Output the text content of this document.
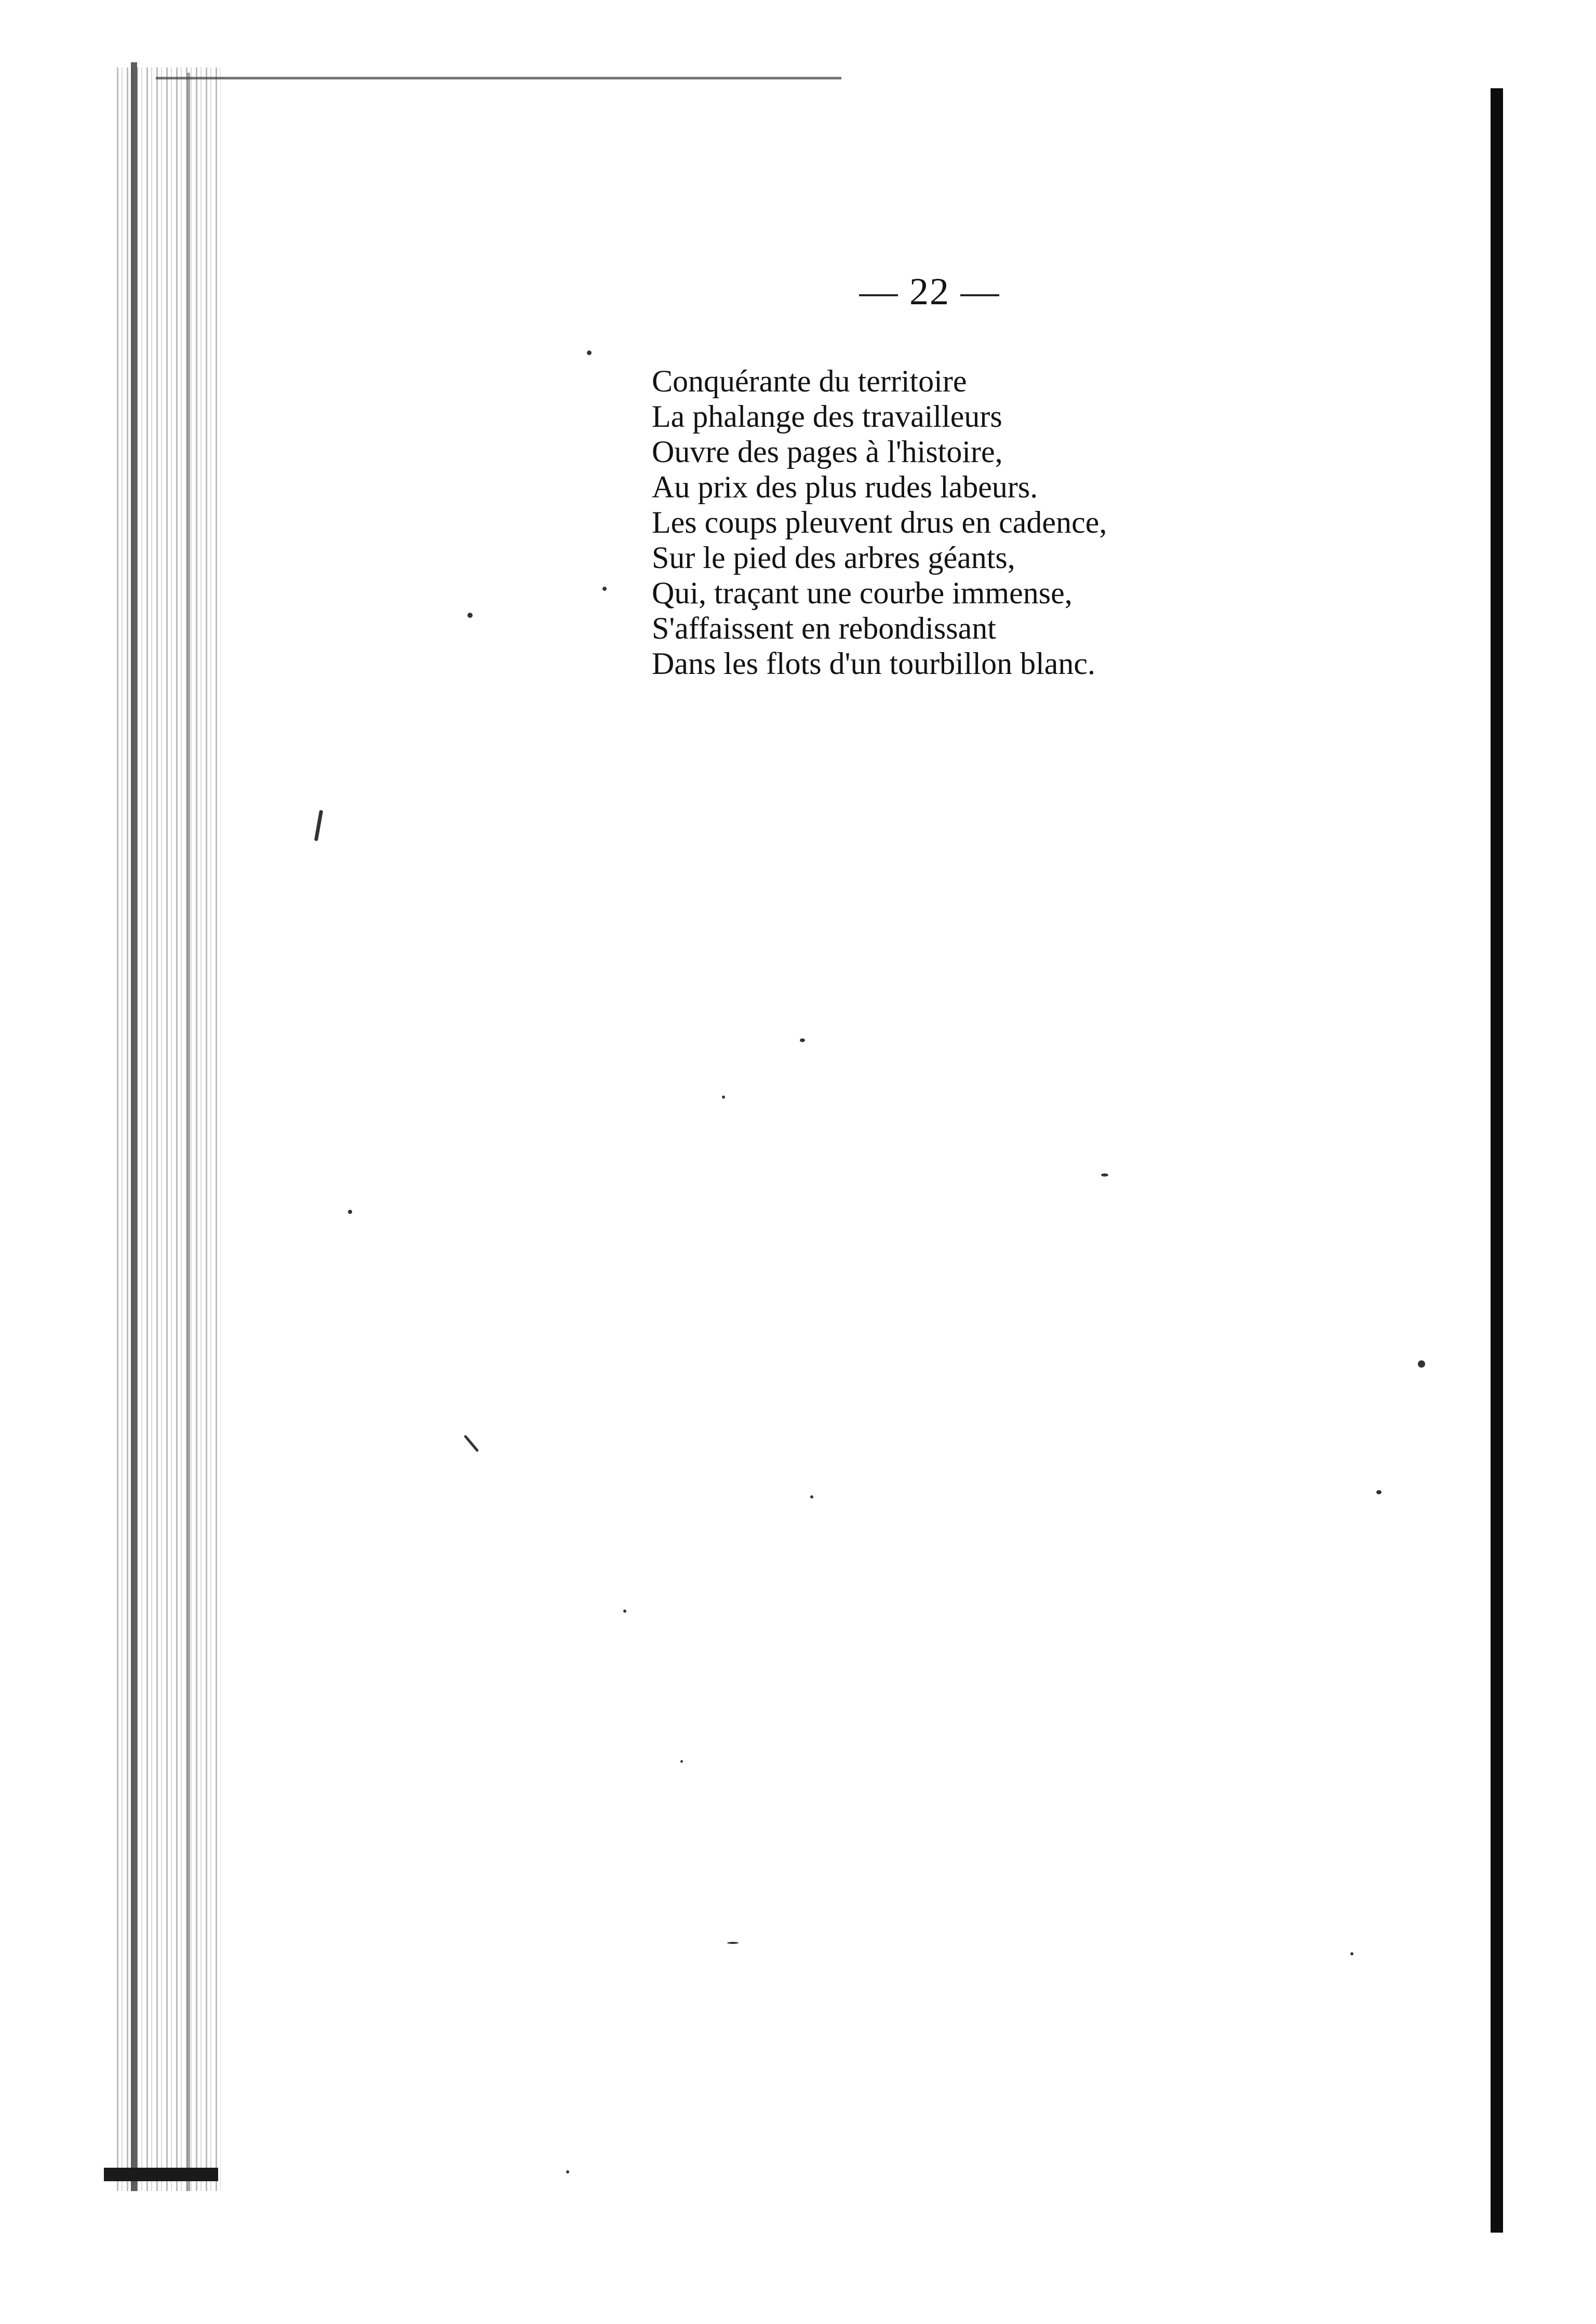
— 22 —
Conquérante du territoire
La phalange des travailleurs
Ouvre des pages à l'histoire,
Au prix des plus rudes labeurs.
Les coups pleuvent drus en cadence,
Sur le pied des arbres géants,
Qui, traçant une courbe immense,
S'affaissent en rebondissant
Dans les flots d'un tourbillon blanc.
